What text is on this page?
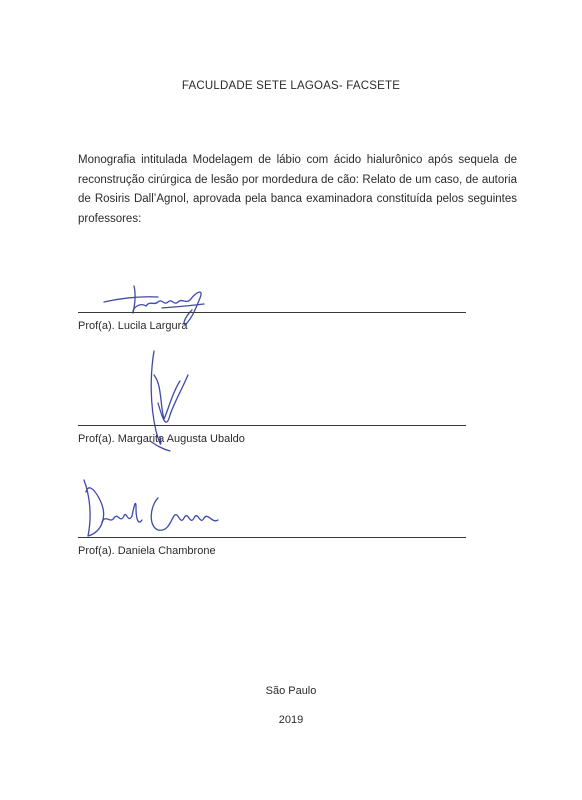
FACULDADE SETE LAGOAS- FACSETE
Monografia intitulada Modelagem de lábio com ácido hialurônico após sequela de reconstrução cirúrgica de lesão por mordedura de cão: Relato de um caso, de autoria de Rosiris Dall’Agnol, aprovada pela banca examinadora constituída pelos seguintes professores:
Prof(a). Lucila Largura
Prof(a). Margarita Augusta Ubaldo
Prof(a). Daniela Chambrone
São Paulo
2019
